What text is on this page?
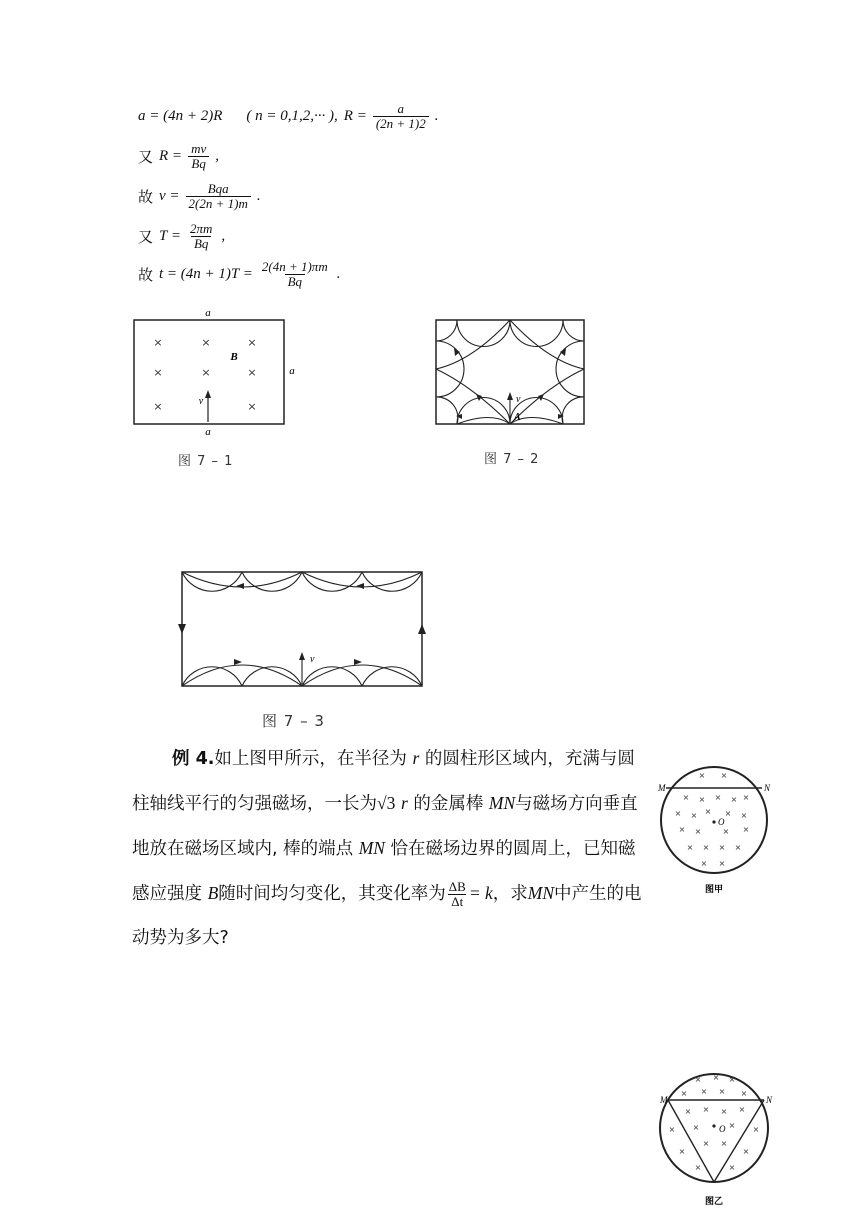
a = (4n + 2)R ( n = 0,1,2,··· ), $R = \frac{a}{(2n + 1)2}$ .
又 $R = \frac{mv}{Bq}$ ,
故 $v = \frac{\text{Bqa}}{2(2n + 1)m}$ .
又 $T = \frac{2\pi m}{Bq}$ ,
故 $t = (4n + 1)T = \frac{2(4n + 1)\pi m}{Bq}$ .
×	×	×
×	×	×
×	×
a
a
a
B
v
图 7 – 1
v
A
图 7 – 2
v
图 7 – 3
例 4.如上图甲所示，在半径为 r 的圆柱形区域内，充满与圆柱轴线平行的匀强磁场，一长为√3 r 的金属棒 MN与磁场方向垂直地放在磁场区域内, 棒的端点 MN 恰在磁场边界的圆周上，已知磁感应强度 B随时间均匀变化，其变化率为 $\frac{\Delta B}{\Delta t} = k$，求MN中产生的电动势为多大?
× ×
× × × × ×
× × × × ×
× ×	× ×
× × × ×
× ×
O
M	N
图甲
× × ×
× × × ×
× × × ×
×	×
× ×
×	×
×	×
×	×
O
M	N
图乙
